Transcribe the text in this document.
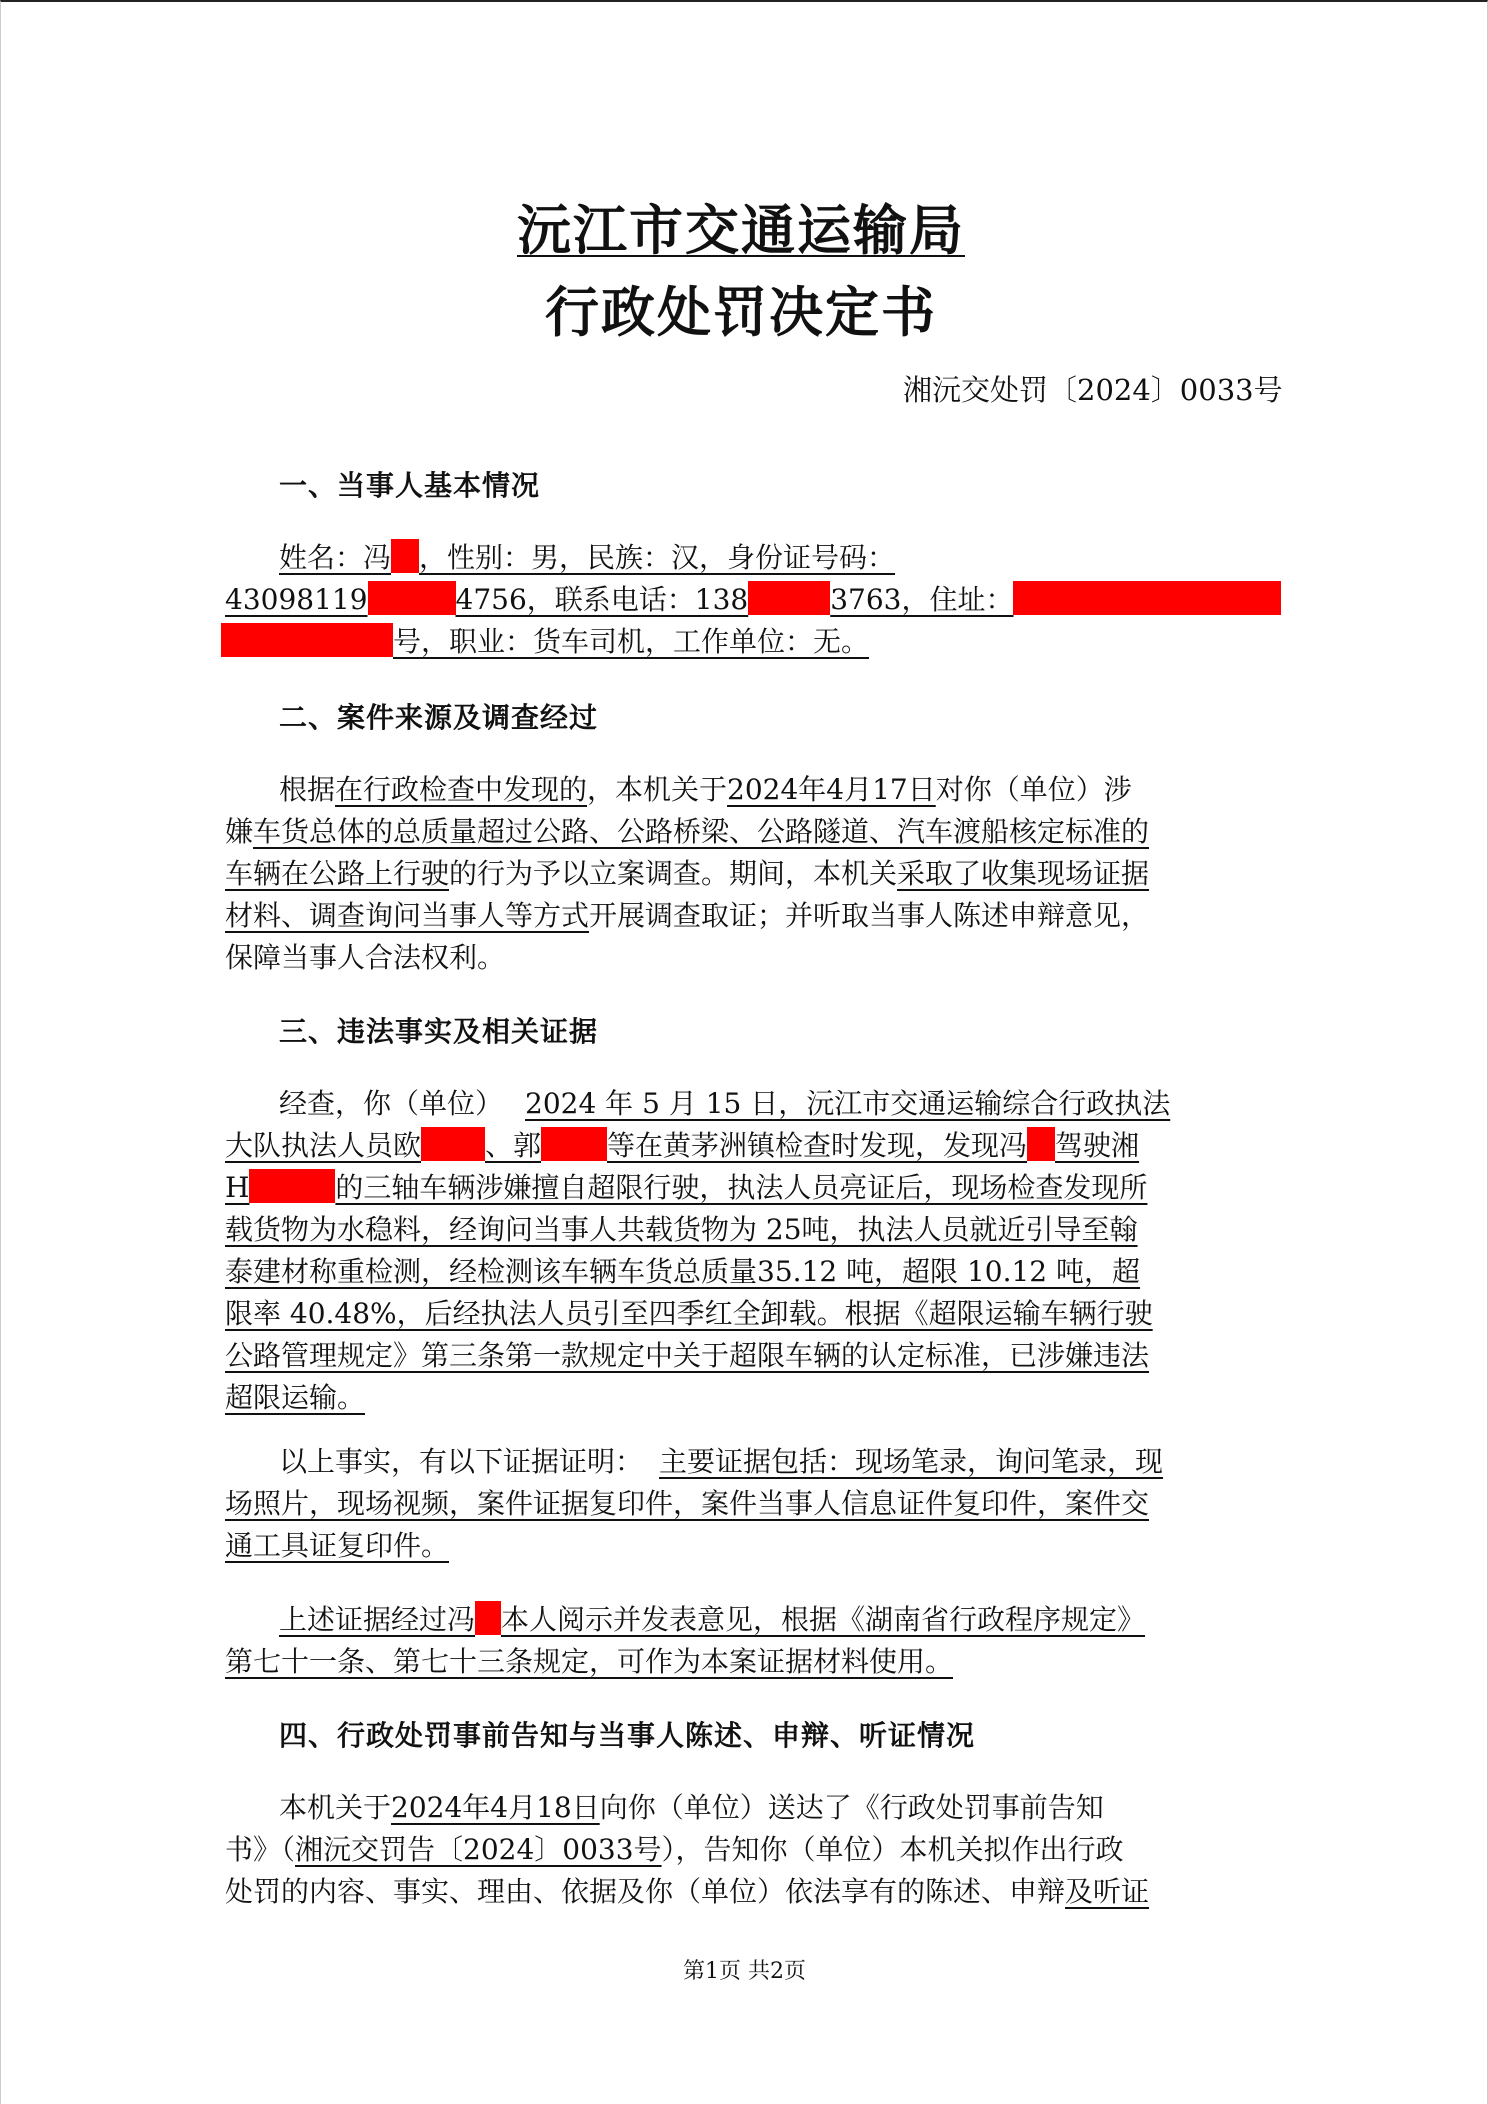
沅江市交通运输局
行政处罚决定书
湘沅交处罚〔2024〕0033号
一、当事人基本情况
姓名：冯 ，性别：男，民族：汉，身份证号码：
43098119	4756，联系电话：138	3763，住址：
号，职业：货车司机，工作单位：无。
二、案件来源及调查经过
根据在行政检查中发现的，本机关于2024年4月17日对你（单位）涉
嫌车货总体的总质量超过公路、公路桥梁、公路隧道、汽车渡船核定标准的
车辆在公路上行驶的行为予以立案调查。期间，本机关采取了收集现场证据
材料、调查询问当事人等方式开展调查取证；并听取当事人陈述申辩意见，
保障当事人合法权利。
三、违法事实及相关证据
经查，你（单位） 2024 年 5 月 15 日，沅江市交通运输综合行政执法
大队执法人员欧 、郭 等在黄茅洲镇检查时发现，发现冯 驾驶湘
H	的三轴车辆涉嫌擅自超限行驶，执法人员亮证后，现场检查发现所
载货物为水稳料，经询问当事人共载货物为 25吨，执法人员就近引导至翰
泰建材称重检测，经检测该车辆车货总质量35.12 吨，超限 10.12 吨，超
限率 40.48%，后经执法人员引至四季红全卸载。根据《超限运输车辆行驶
公路管理规定》第三条第一款规定中关于超限车辆的认定标准，已涉嫌违法
超限运输。
以上事实，有以下证据证明： 主要证据包括：现场笔录，询问笔录，现
场照片，现场视频，案件证据复印件，案件当事人信息证件复印件，案件交
通工具证复印件。
上述证据经过冯 本人阅示并发表意见，根据《湖南省行政程序规定》
第七十一条、第七十三条规定，可作为本案证据材料使用。
四、行政处罚事前告知与当事人陈述、申辩、听证情况
本机关于2024年4月18日向你（单位）送达了《行政处罚事前告知
书》（湘沅交罚告〔2024〕0033号），告知你（单位）本机关拟作出行政
处罚的内容、事实、理由、依据及你（单位）依法享有的陈述、申辩及听证
第1页 共2页
